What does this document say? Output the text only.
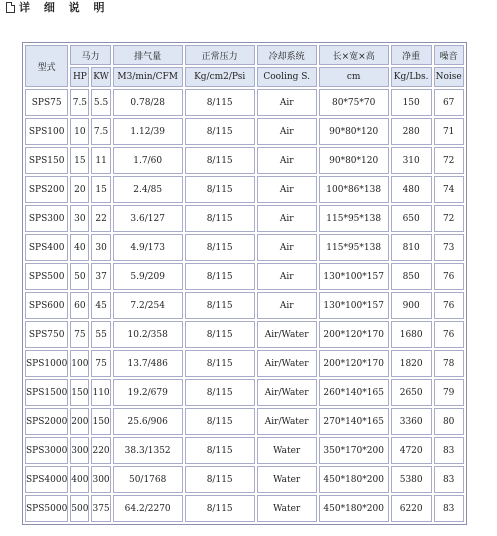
详 细 说 明
型式	马力		排气量	正常压力	冷却系统	长×宽×高	净重	噪音
	HP	KW	M3/min/CFM	Kg/cm2/Psi	Cooling S.	cm	Kg/Lbs.	Noise
SPS75	7.5	5.5	0.78/28	8/115	Air	80*75*70	150	67
SPS100	10	7.5	1.12/39	8/115	Air	90*80*120	280	71
SPS150	15	11	1.7/60	8/115	Air	90*80*120	310	72
SPS200	20	15	2.4/85	8/115	Air	100*86*138	480	74
SPS300	30	22	3.6/127	8/115	Air	115*95*138	650	72
SPS400	40	30	4.9/173	8/115	Air	115*95*138	810	73
SPS500	50	37	5.9/209	8/115	Air	130*100*157	850	76
SPS600	60	45	7.2/254	8/115	Air	130*100*157	900	76
SPS750	75	55	10.2/358	8/115	Air/Water	200*120*170	1680	76
SPS1000	100	75	13.7/486	8/115	Air/Water	200*120*170	1820	78
SPS1500	150	110	19.2/679	8/115	Air/Water	260*140*165	2650	79
SPS2000	200	150	25.6/906	8/115	Air/Water	270*140*165	3360	80
SPS3000	300	220	38.3/1352	8/115	Water	350*170*200	4720	83
SPS4000	400	300	50/1768	8/115	Water	450*180*200	5380	83
SPS5000	500	375	64.2/2270	8/115	Water	450*180*200	6220	83
